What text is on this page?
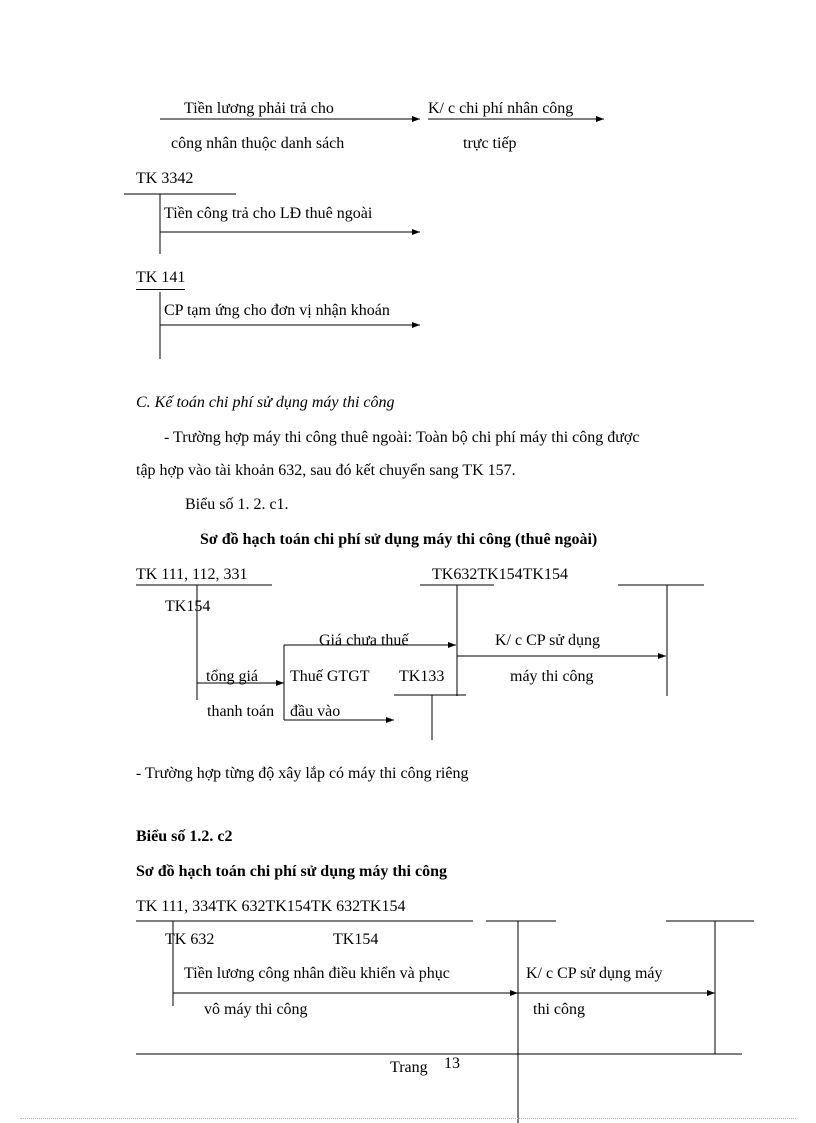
Tiền lương phải trả cho
công nhân thuộc danh sách
K/ c chi phí nhân công
trực tiếp
TK 3342
Tiền công trả cho LĐ thuê ngoài
TK 141
CP tạm ứng cho đơn vị nhận khoán
C. Kế toán chi phí sử dụng máy thi công
- Trường hợp máy thi công thuê ngoài: Toàn bộ chi phí máy thi công được
tập hợp vào tài khoản 632, sau đó kết chuyển sang TK 157.
Biểu số 1. 2. c1.
Sơ đồ hạch toán chi phí sử dụng máy thi công (thuê ngoài)
TK 111, 112, 331	TK632TK154TK154
TK154
Giá chưa thuế	K/ c CP sử dụng
tổng giá Thuế GTGT TK133	máy thi công
thanh toán đầu vào
- Trường hợp từng độ xây lắp có máy thi công riêng
Biểu số 1.2. c2
Sơ đồ hạch toán chi phí sử dụng máy thi công
TK 111, 334TK 632TK154TK 632TK154
TK 632	TK154
Tiền lương công nhân điều khiển và phục	K/ c CP sử dụng máy
vô máy thi công	thi công
Trang 13
